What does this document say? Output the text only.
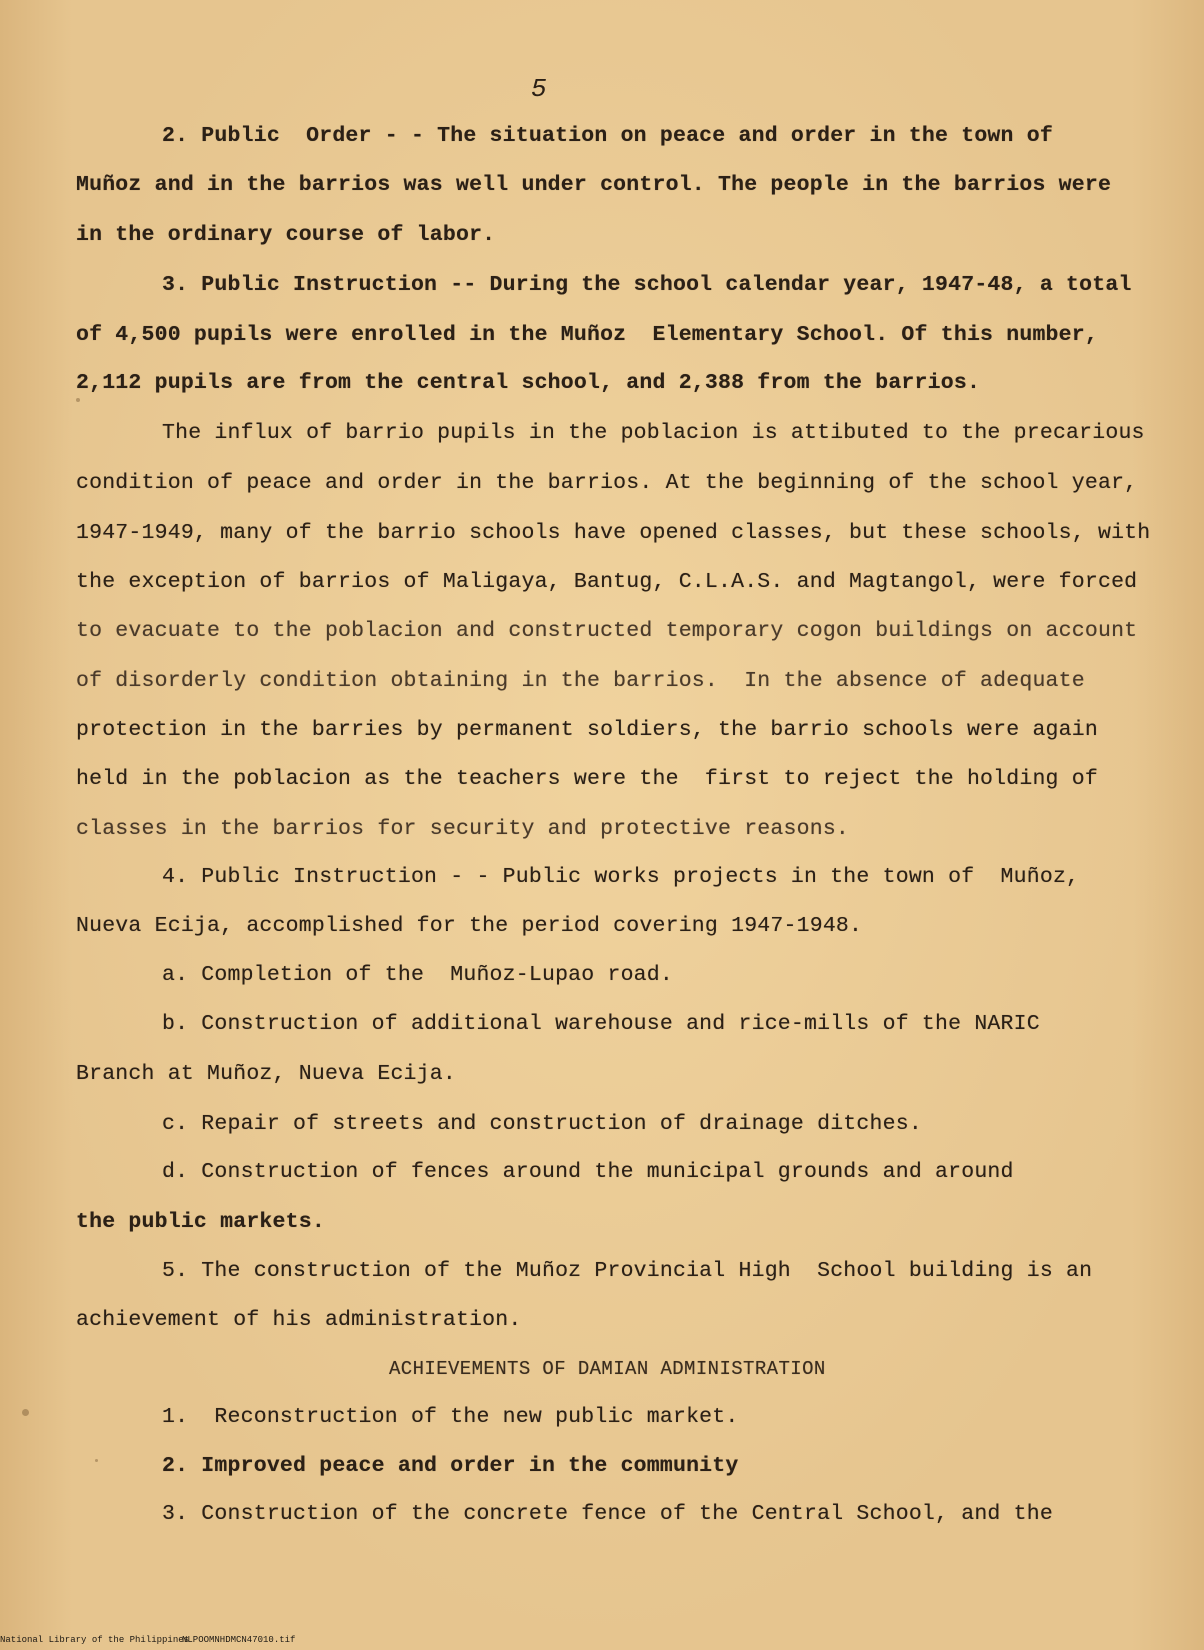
5
2. Public  Order - - The situation on peace and order in the town of
Muñoz and in the barrios was well under control. The people in the barrios were
in the ordinary course of labor.
3. Public Instruction -- During the school calendar year, 1947-48, a total
of 4,500 pupils were enrolled in the Muñoz  Elementary School. Of this number,
2,112 pupils are from the central school, and 2,388 from the barrios.
The influx of barrio pupils in the poblacion is attibuted to the precarious
condition of peace and order in the barrios. At the beginning of the school year,
1947-1949, many of the barrio schools have opened classes, but these schools, with
the exception of barrios of Maligaya, Bantug, C.L.A.S. and Magtangol, were forced
to evacuate to the poblacion and constructed temporary cogon buildings on account
of disorderly condition obtaining in the barrios.  In the absence of adequate
protection in the barries by permanent soldiers, the barrio schools were again
held in the poblacion as the teachers were the  first to reject the holding of
classes in the barrios for security and protective reasons.
4. Public Instruction - - Public works projects in the town of  Muñoz,
Nueva Ecija, accomplished for the period covering 1947-1948.
a. Completion of the  Muñoz-Lupao road.
b. Construction of additional warehouse and rice-mills of the NARIC
Branch at Muñoz, Nueva Ecija.
c. Repair of streets and construction of drainage ditches.
d. Construction of fences around the municipal grounds and around
the public markets.
5. The construction of the Muñoz Provincial High  School building is an
achievement of his administration.
ACHIEVEMENTS OF DAMIAN ADMINISTRATION
1.  Reconstruction of the new public market.
2. Improved peace and order in the community
3. Construction of the concrete fence of the Central School, and the
National Library of the Philippines
NLPOOMNHDMCN47010.tif
